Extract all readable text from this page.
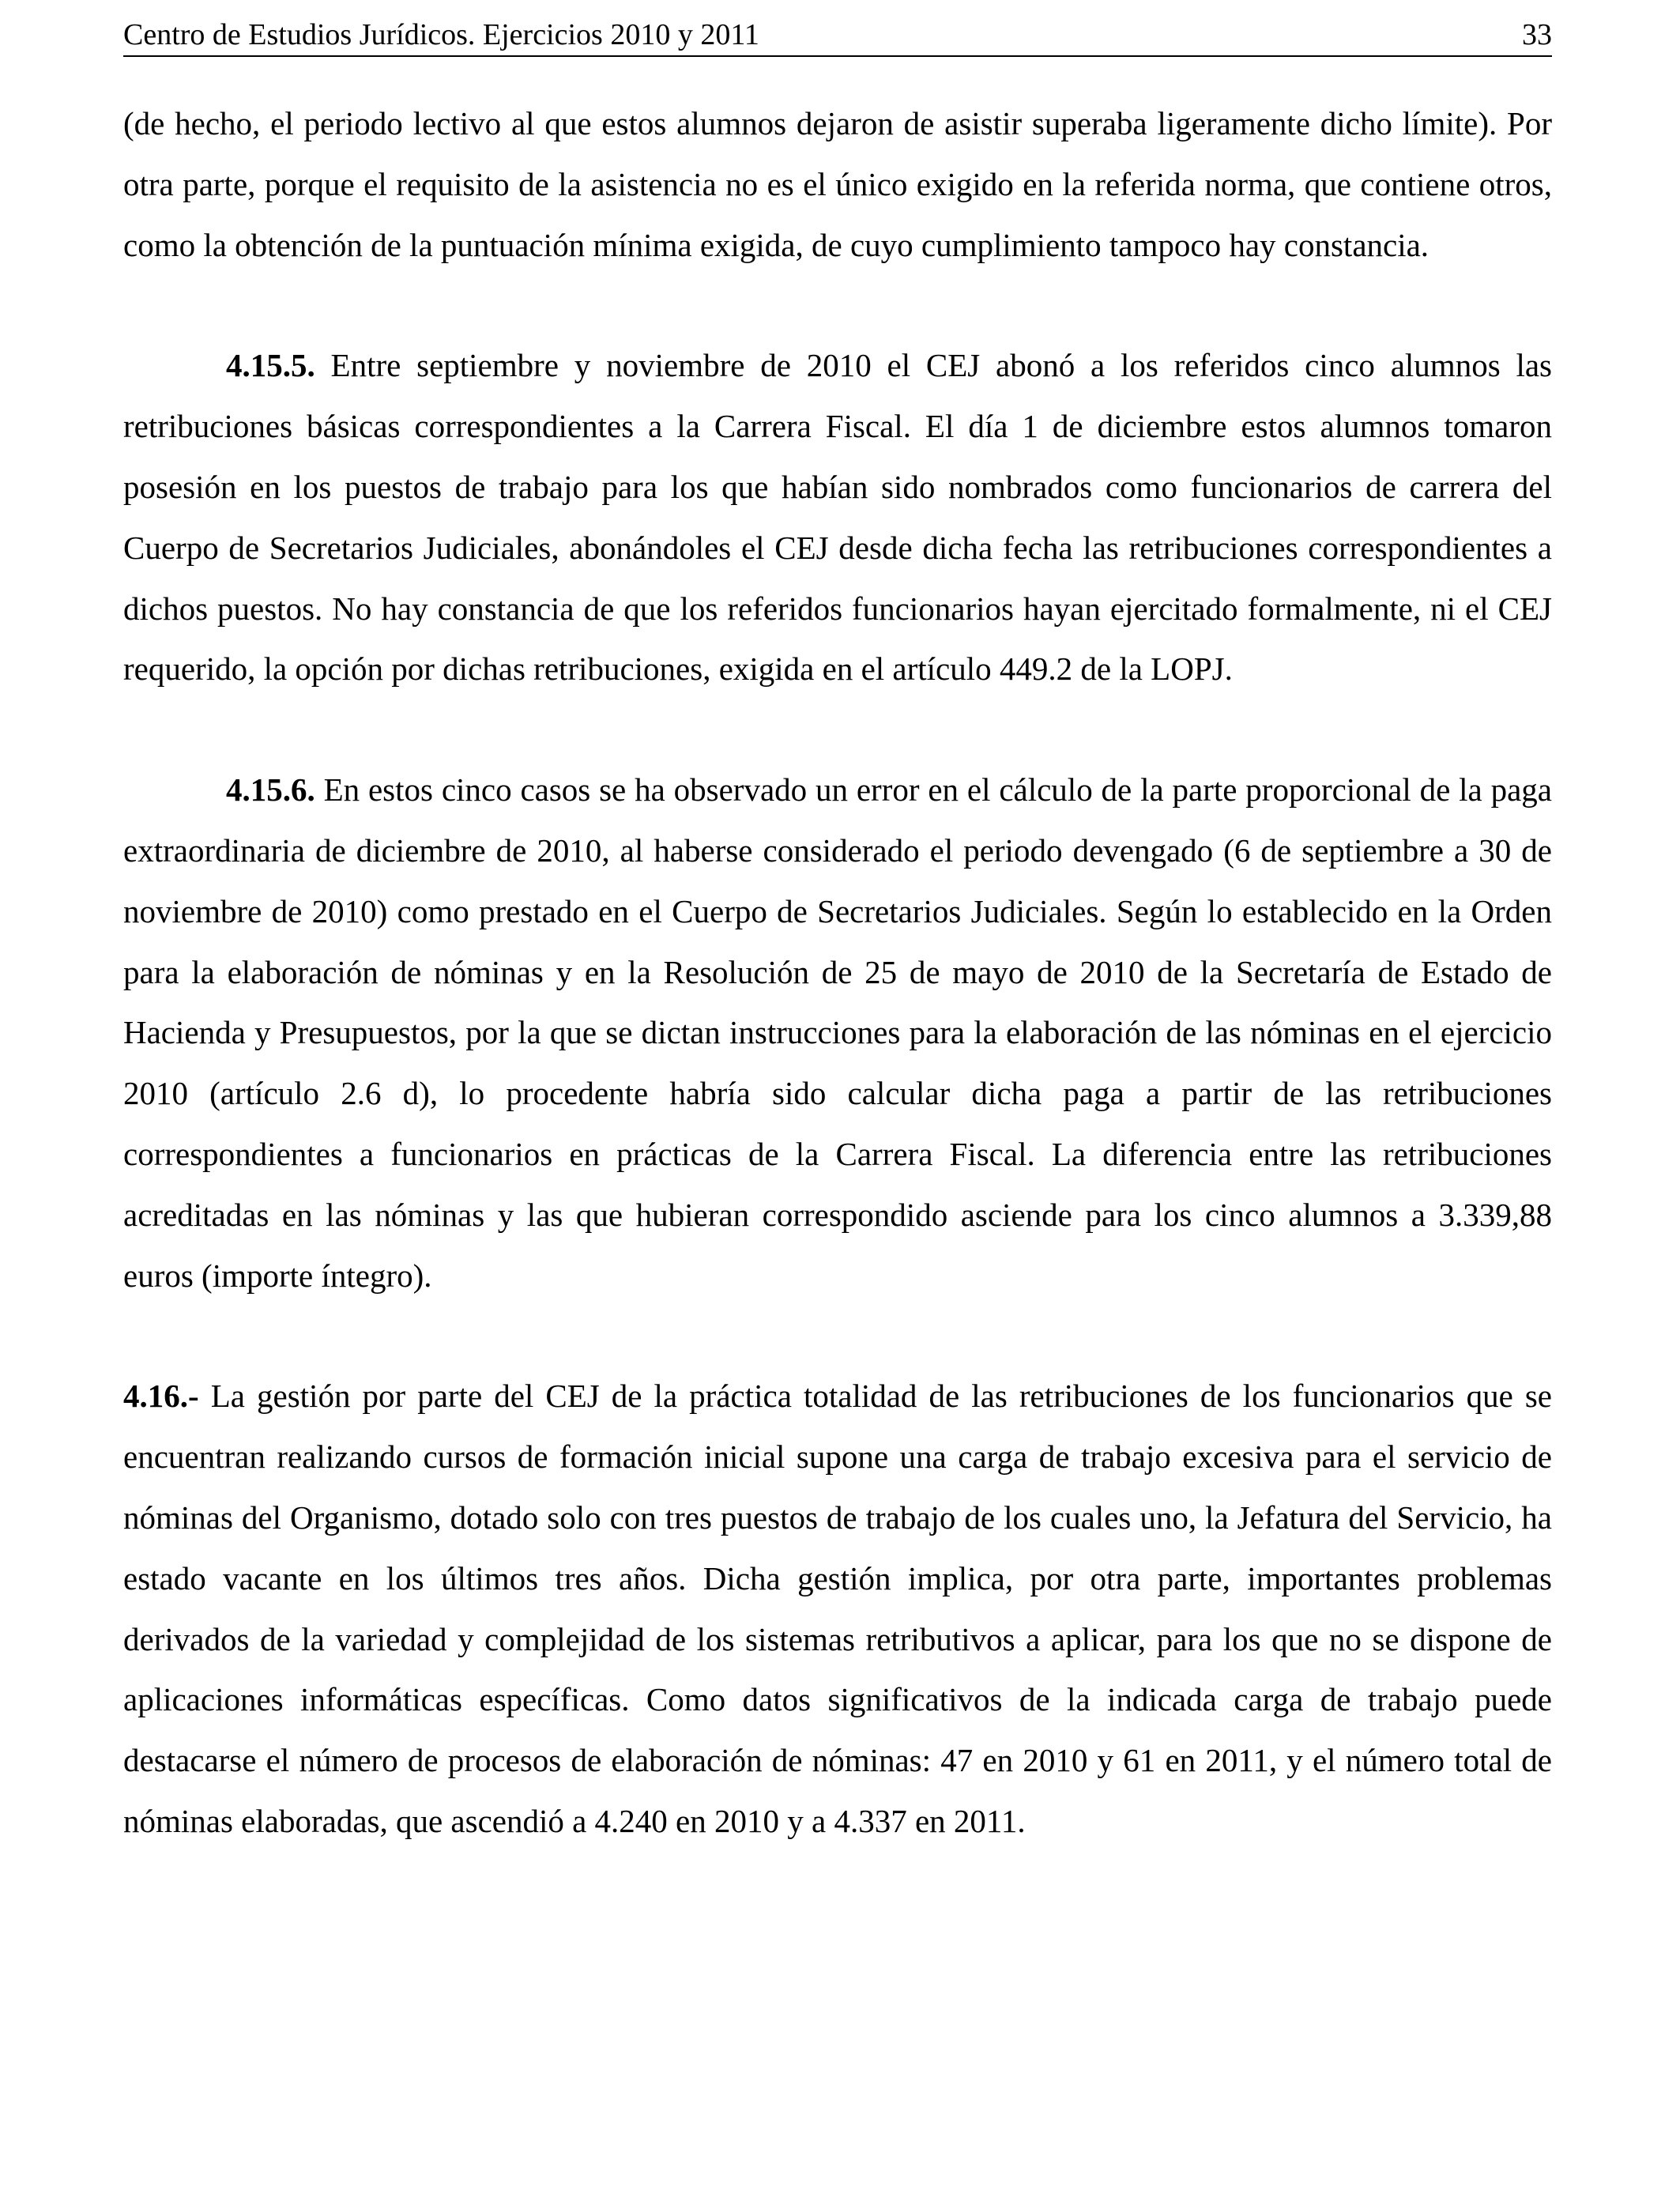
Centro de Estudios Jurídicos. Ejercicios 2010 y 2011	33

(de hecho, el periodo lectivo al que estos alumnos dejaron de asistir superaba ligeramente dicho límite). Por otra parte, porque el requisito de la asistencia no es el único exigido en la referida norma, que contiene otros, como la obtención de la puntuación mínima exigida, de cuyo cumplimiento tampoco hay constancia.

4.15.5. Entre septiembre y noviembre de 2010 el CEJ abonó a los referidos cinco alumnos las retribuciones básicas correspondientes a la Carrera Fiscal. El día 1 de diciembre estos alumnos tomaron posesión en los puestos de trabajo para los que habían sido nombrados como funcionarios de carrera del Cuerpo de Secretarios Judiciales, abonándoles el CEJ desde dicha fecha las retribuciones correspondientes a dichos puestos. No hay constancia de que los referidos funcionarios hayan ejercitado formalmente, ni el CEJ requerido, la opción por dichas retribuciones, exigida en el artículo 449.2 de la LOPJ.

4.15.6. En estos cinco casos se ha observado un error en el cálculo de la parte proporcional de la paga extraordinaria de diciembre de 2010, al haberse considerado el periodo devengado (6 de septiembre a 30 de noviembre de 2010) como prestado en el Cuerpo de Secretarios Judiciales. Según lo establecido en la Orden para la elaboración de nóminas y en la Resolución de 25 de mayo de 2010 de la Secretaría de Estado de Hacienda y Presupuestos, por la que se dictan instrucciones para la elaboración de las nóminas en el ejercicio 2010 (artículo 2.6 d), lo procedente habría sido calcular dicha paga a partir de las retribuciones correspondientes a funcionarios en prácticas de la Carrera Fiscal. La diferencia entre las retribuciones acreditadas en las nóminas y las que hubieran correspondido asciende para los cinco alumnos a 3.339,88 euros (importe íntegro).

4.16.- La gestión por parte del CEJ de la práctica totalidad de las retribuciones de los funcionarios que se encuentran realizando cursos de formación inicial supone una carga de trabajo excesiva para el servicio de nóminas del Organismo, dotado solo con tres puestos de trabajo de los cuales uno, la Jefatura del Servicio, ha estado vacante en los últimos tres años. Dicha gestión implica, por otra parte, importantes problemas derivados de la variedad y complejidad de los sistemas retributivos a aplicar, para los que no se dispone de aplicaciones informáticas específicas. Como datos significativos de la indicada carga de trabajo puede destacarse el número de procesos de elaboración de nóminas: 47 en 2010 y 61 en 2011, y el número total de nóminas elaboradas, que ascendió a 4.240 en 2010 y a 4.337 en 2011.
